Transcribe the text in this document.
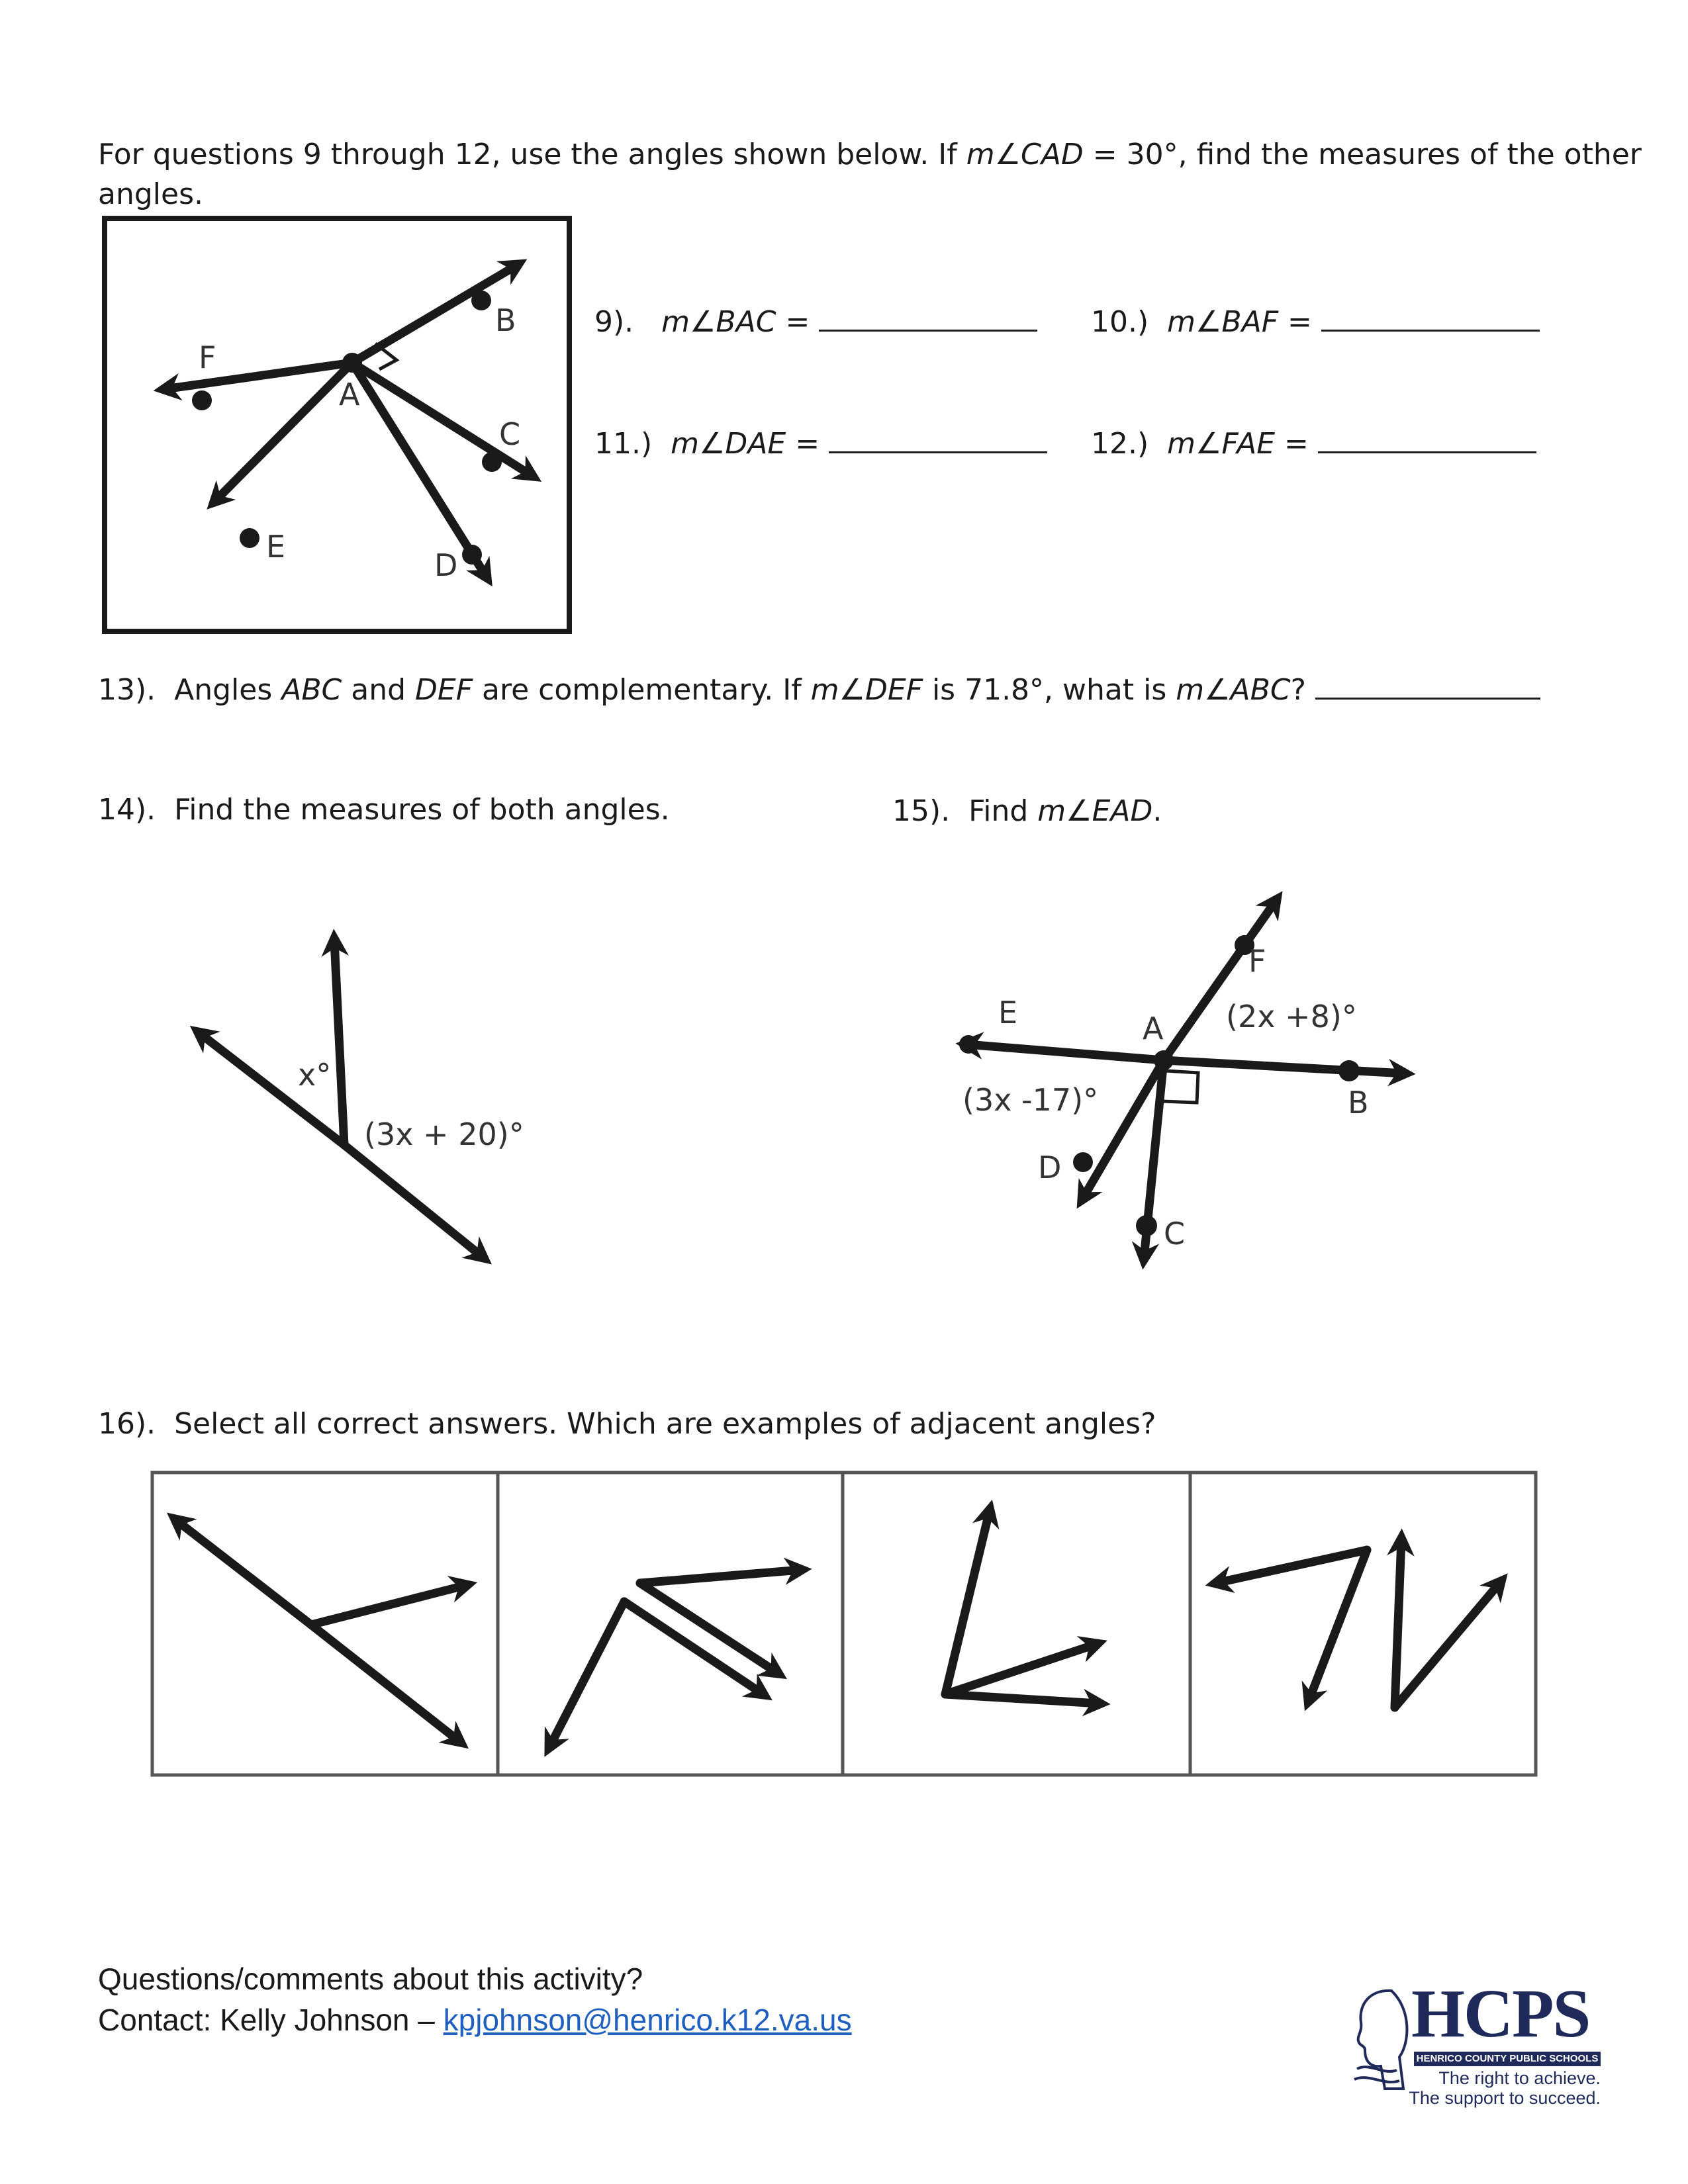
For questions 9 through 12, use the angles shown below. If m∠CAD = 30°, find the measures of the other
angles.
A
B
C
D
E
F
9). m∠BAC =	10.) m∠BAF =
11.) m∠DAE =	12.) m∠FAE =
13). Angles ABC and DEF are complementary. If m∠DEF is 71.8°, what is m∠ABC?
14). Find the measures of both angles.
x°
(3x + 20)°
15). Find m∠EAD.
E	A
F
B
C
D
(2x +8)°
(3x -17)°
16). Select all correct answers. Which are examples of adjacent angles?
Questions/comments about this activity?
Contact: Kelly Johnson – kpjohnson@henrico.k12.va.us	HCPS
HENRICO COUNTY PUBLIC SCHOOLS
The right to achieve.
The support to succeed.
